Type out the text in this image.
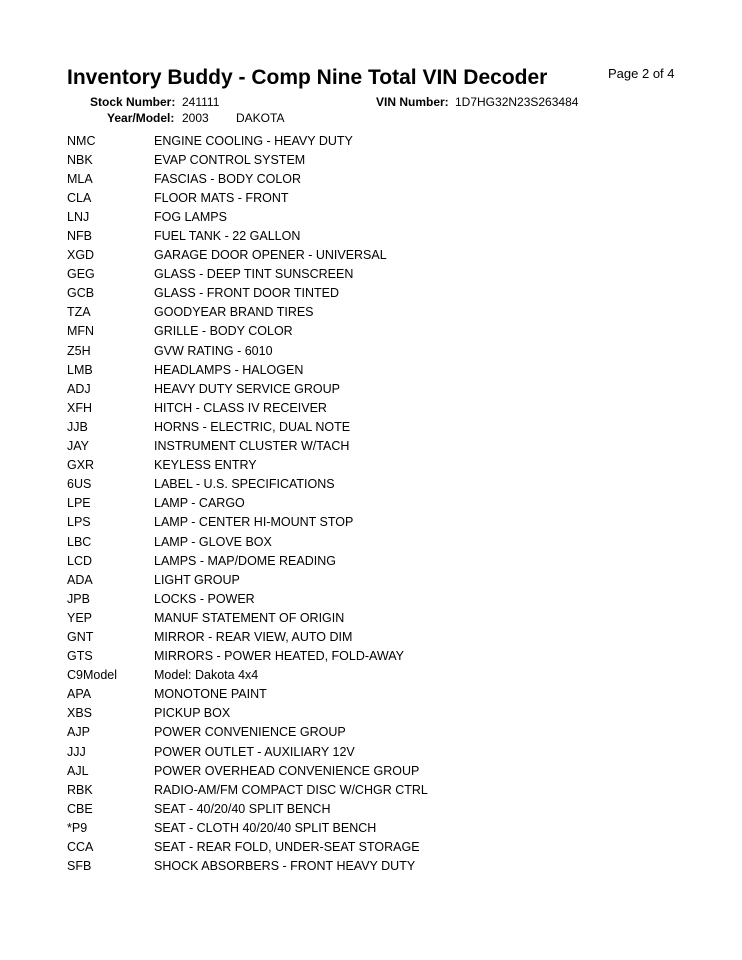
Inventory Buddy - Comp Nine Total VIN Decoder	Page 2 of 4
Stock Number: 241111	VIN Number: 1D7HG32N23S263484
Year/Model: 2003 DAKOTA
NMC	ENGINE COOLING - HEAVY DUTY
NBK	EVAP CONTROL SYSTEM
MLA	FASCIAS - BODY COLOR
CLA	FLOOR MATS - FRONT
LNJ	FOG LAMPS
NFB	FUEL TANK - 22 GALLON
XGD	GARAGE DOOR OPENER - UNIVERSAL
GEG	GLASS - DEEP TINT SUNSCREEN
GCB	GLASS - FRONT DOOR TINTED
TZA	GOODYEAR BRAND TIRES
MFN	GRILLE - BODY COLOR
Z5H	GVW RATING - 6010
LMB	HEADLAMPS - HALOGEN
ADJ	HEAVY DUTY SERVICE GROUP
XFH	HITCH - CLASS IV RECEIVER
JJB	HORNS - ELECTRIC, DUAL NOTE
JAY	INSTRUMENT CLUSTER W/TACH
GXR	KEYLESS ENTRY
6US	LABEL - U.S. SPECIFICATIONS
LPE	LAMP - CARGO
LPS	LAMP - CENTER HI-MOUNT STOP
LBC	LAMP - GLOVE BOX
LCD	LAMPS - MAP/DOME READING
ADA	LIGHT GROUP
JPB	LOCKS - POWER
YEP	MANUF STATEMENT OF ORIGIN
GNT	MIRROR - REAR VIEW, AUTO DIM
GTS	MIRRORS - POWER HEATED, FOLD-AWAY
C9Model	Model: Dakota 4x4
APA	MONOTONE PAINT
XBS	PICKUP BOX
AJP	POWER CONVENIENCE GROUP
JJJ	POWER OUTLET - AUXILIARY 12V
AJL	POWER OVERHEAD CONVENIENCE GROUP
RBK	RADIO-AM/FM COMPACT DISC W/CHGR CTRL
CBE	SEAT - 40/20/40 SPLIT BENCH
*P9	SEAT - CLOTH 40/20/40 SPLIT BENCH
CCA	SEAT - REAR FOLD, UNDER-SEAT STORAGE
SFB	SHOCK ABSORBERS - FRONT HEAVY DUTY
